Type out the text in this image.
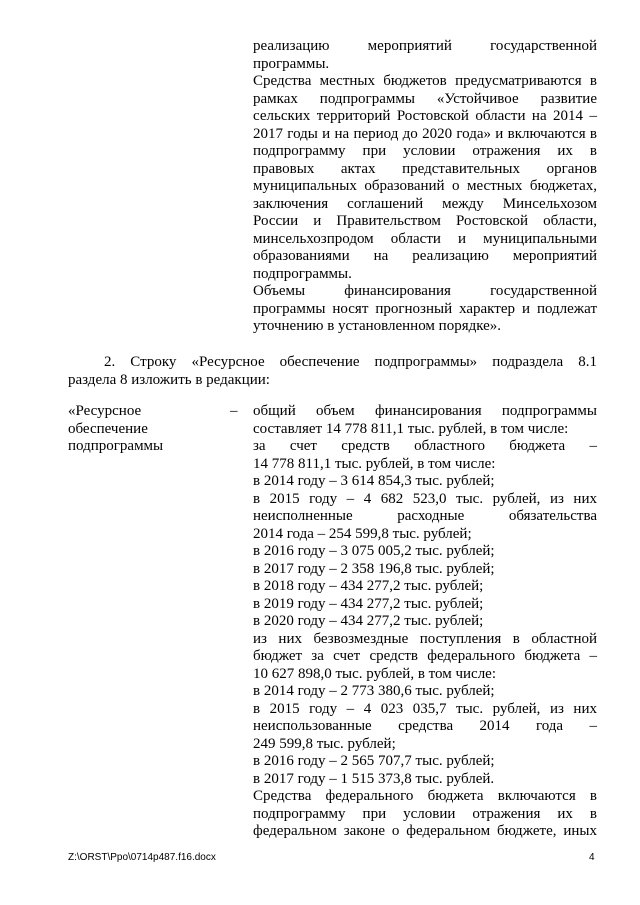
реализацию мероприятий государственной
программы.
Средства местных бюджетов предусматриваются в
рамках подпрограммы «Устойчивое развитие
сельских территорий Ростовской области на 2014 –
2017 годы и на период до 2020 года» и включаются в
подпрограмму при условии отражения их в
правовых актах представительных органов
муниципальных образований о местных бюджетах,
заключения соглашений между Минсельхозом
России и Правительством Ростовской области,
минсельхозпродом области и муниципальными
образованиями на реализацию мероприятий
подпрограммы.
Объемы финансирования государственной
программы носят прогнозный характер и подлежат
уточнению в установленном порядке».
2. Строку «Ресурсное обеспечение подпрограммы» подраздела 8.1
раздела 8 изложить в редакции:
«Ресурсное
обеспечение
подпрограммы
– общий объем финансирования подпрограммы
составляет 14 778 811,1 тыс. рублей, в том числе:
за счет средств областного бюджета –
14 778 811,1 тыс. рублей, в том числе:
в 2014 году – 3 614 854,3 тыс. рублей;
в 2015 году – 4 682 523,0 тыс. рублей, из них
неисполненные расходные обязательства
2014 года – 254 599,8 тыс. рублей;
в 2016 году – 3 075 005,2 тыс. рублей;
в 2017 году – 2 358 196,8 тыс. рублей;
в 2018 году – 434 277,2 тыс. рублей;
в 2019 году – 434 277,2 тыс. рублей;
в 2020 году – 434 277,2 тыс. рублей;
из них безвозмездные поступления в областной
бюджет за счет средств федерального бюджета –
10 627 898,0 тыс. рублей, в том числе:
в 2014 году – 2 773 380,6 тыс. рублей;
в 2015 году – 4 023 035,7 тыс. рублей, из них
неиспользованные средства 2014 года –
249 599,8 тыс. рублей;
в 2016 году – 2 565 707,7 тыс. рублей;
в 2017 году – 1 515 373,8 тыс. рублей.
Средства федерального бюджета включаются в
подпрограмму при условии отражения их в
федеральном законе о федеральном бюджете, иных
Z:\ORST\Ppo\0714p487.f16.docx	4
